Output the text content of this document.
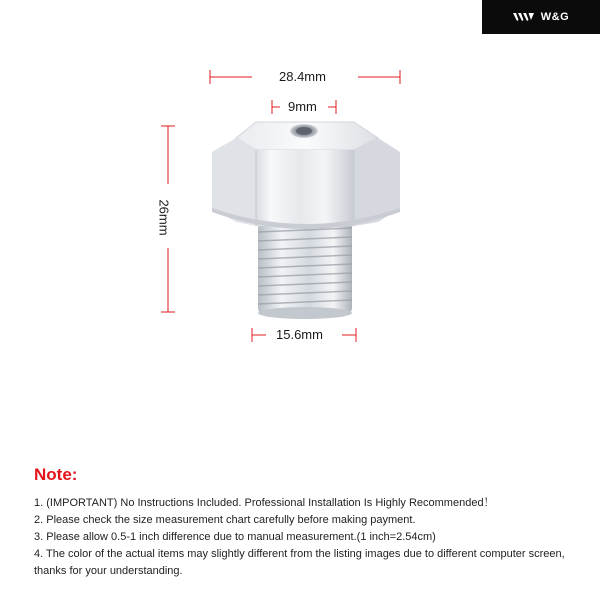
W&G
28.4mm
9mm
26mm
15.6mm

Note:

1. (IMPORTANT) No Instructions Included. Professional Installation Is Highly Recommended！

2. Please check the size measurement chart carefully before making payment.

3. Please allow 0.5-1 inch difference due to manual measurement.(1 inch=2.54cm)

4. The color of the actual items may slightly different from the listing images due to different computer screen, thanks for your understanding.
